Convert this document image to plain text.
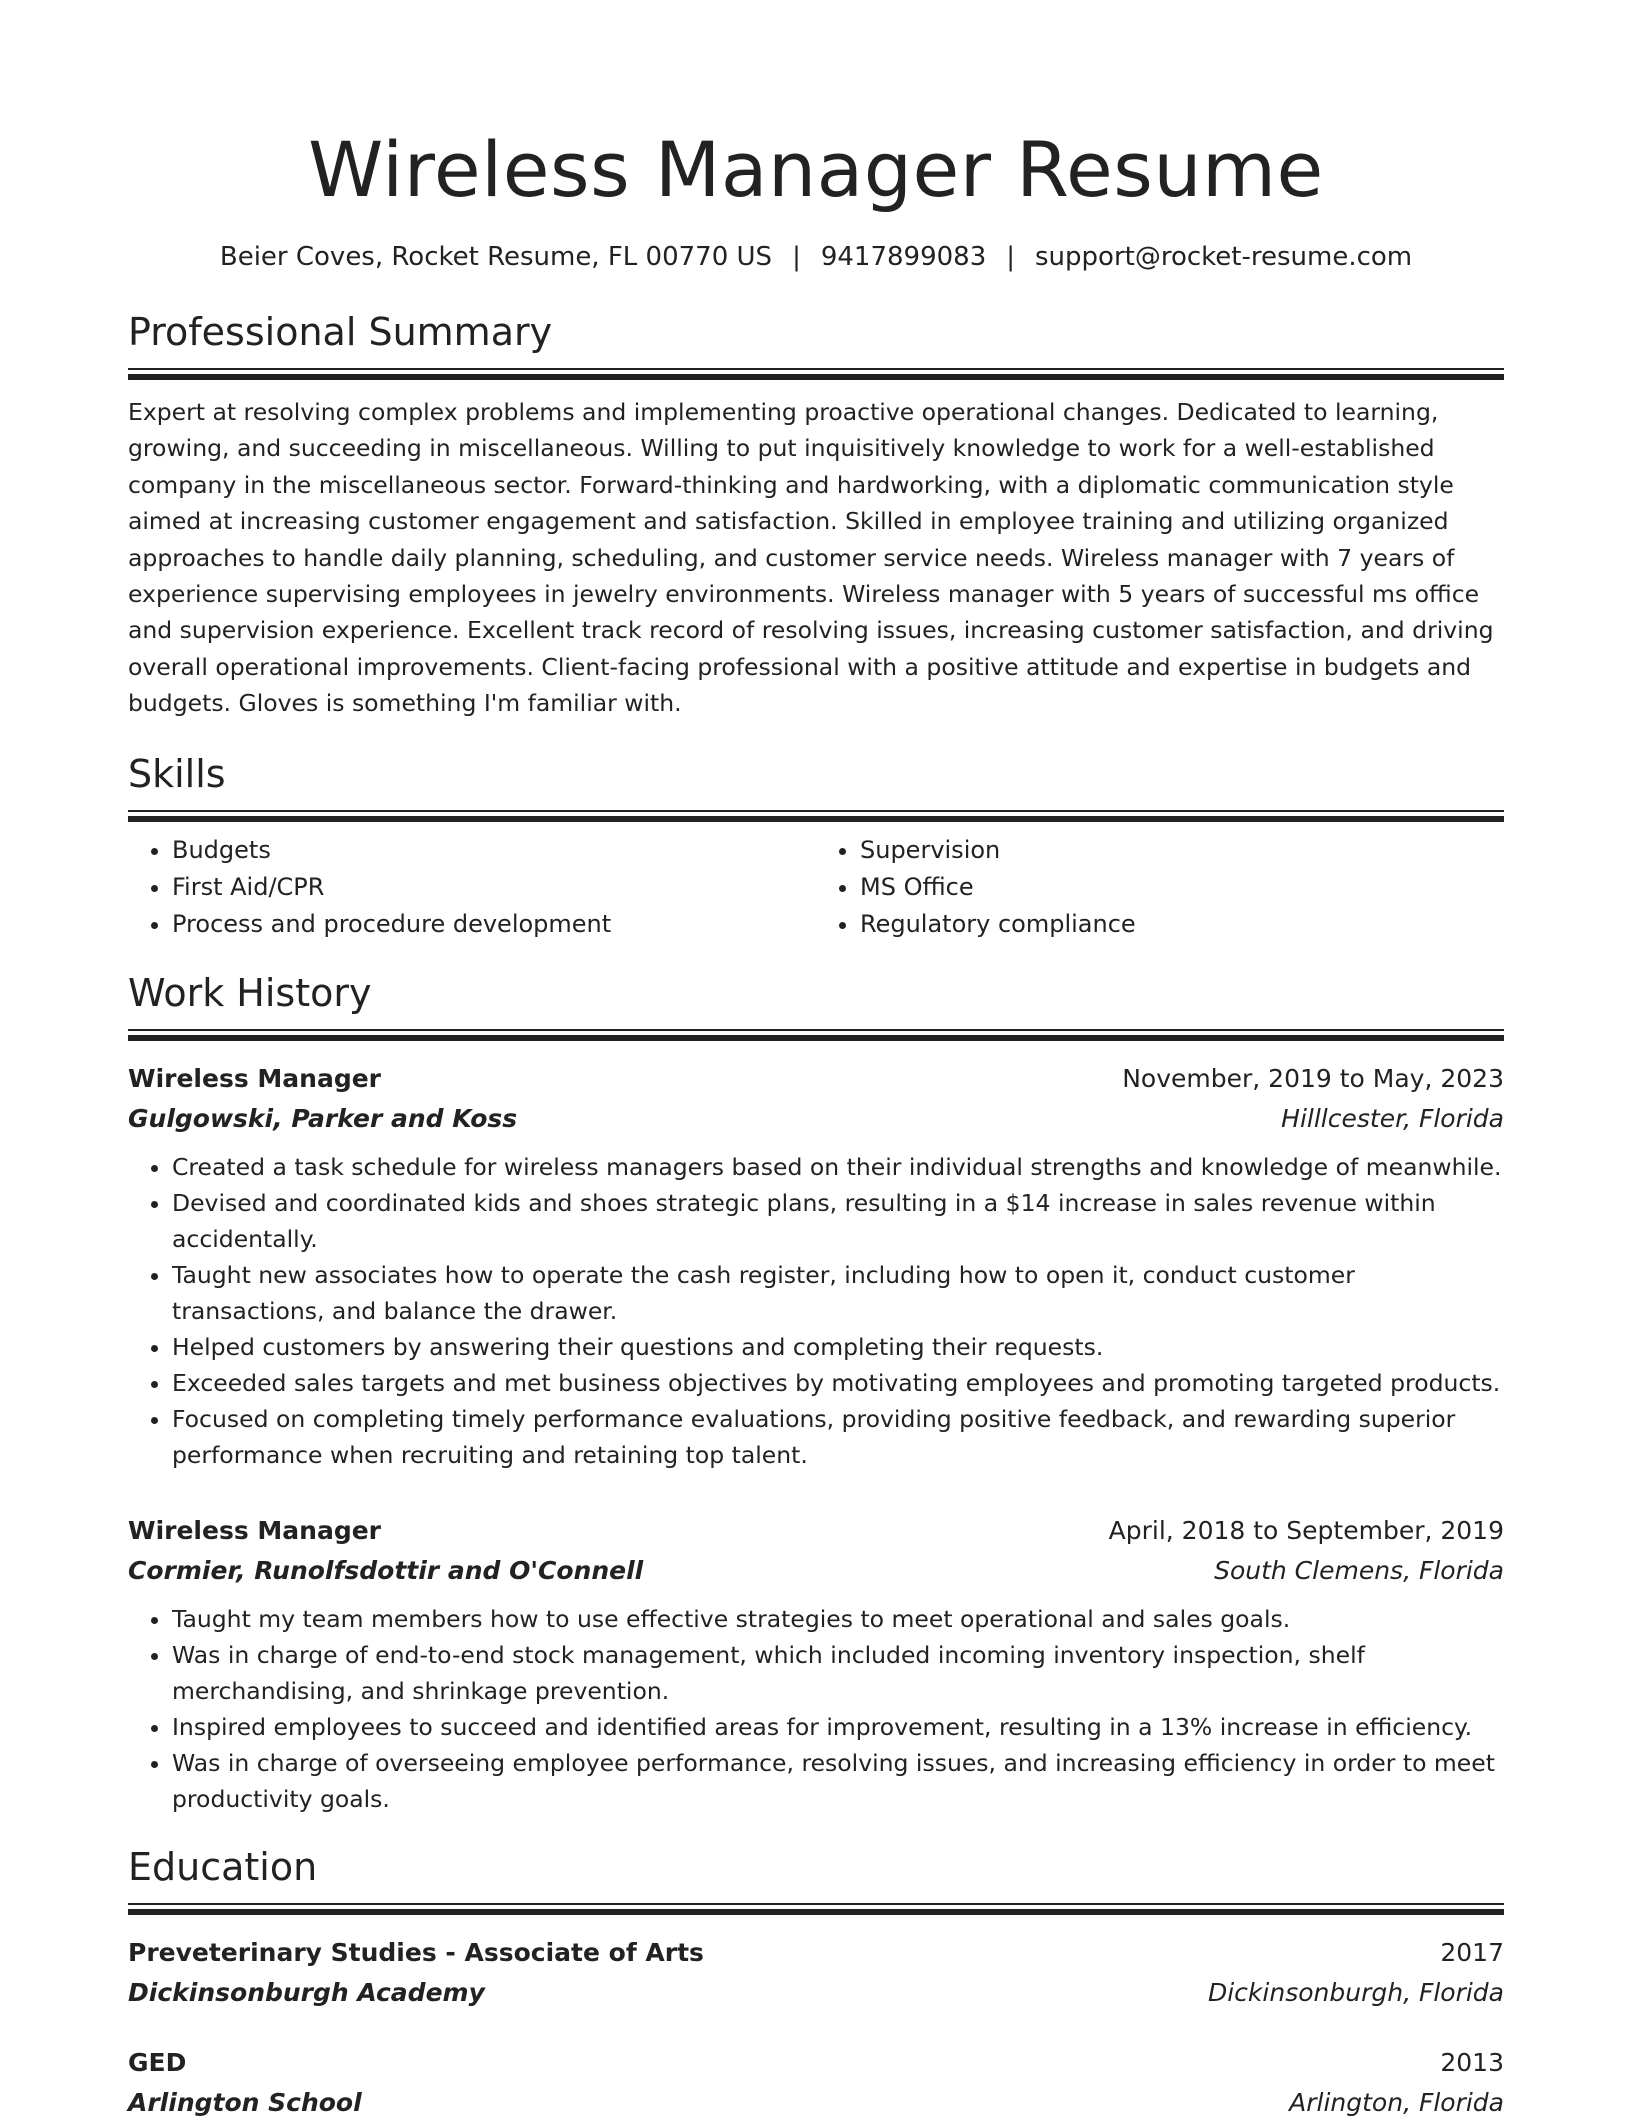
Wireless Manager Resume
Beier Coves, Rocket Resume, FL 00770 US | 9417899083 | support@rocket-resume.com
Professional Summary
Expert at resolving complex problems and implementing proactive operational changes. Dedicated to learning, growing, and succeeding in miscellaneous. Willing to put inquisitively knowledge to work for a well-established company in the miscellaneous sector. Forward-thinking and hardworking, with a diplomatic communication style aimed at increasing customer engagement and satisfaction. Skilled in employee training and utilizing organized approaches to handle daily planning, scheduling, and customer service needs. Wireless manager with 7 years of experience supervising employees in jewelry environments. Wireless manager with 5 years of successful ms office and supervision experience. Excellent track record of resolving issues, increasing customer satisfaction, and driving overall operational improvements. Client-facing professional with a positive attitude and expertise in budgets and budgets. Gloves is something I'm familiar with.
Skills
• Budgets
• First Aid/CPR
• Process and procedure development
• Supervision
• MS Office
• Regulatory compliance
Work History
Wireless Manager	November, 2019 to May, 2023
Gulgowski, Parker and Koss	Hilllcester, Florida
• Created a task schedule for wireless managers based on their individual strengths and knowledge of meanwhile.
• Devised and coordinated kids and shoes strategic plans, resulting in a $14 increase in sales revenue within accidentally.
• Taught new associates how to operate the cash register, including how to open it, conduct customer transactions, and balance the drawer.
• Helped customers by answering their questions and completing their requests.
• Exceeded sales targets and met business objectives by motivating employees and promoting targeted products.
• Focused on completing timely performance evaluations, providing positive feedback, and rewarding superior performance when recruiting and retaining top talent.
Wireless Manager	April, 2018 to September, 2019
Cormier, Runolfsdottir and O'Connell	South Clemens, Florida
• Taught my team members how to use effective strategies to meet operational and sales goals.
• Was in charge of end-to-end stock management, which included incoming inventory inspection, shelf merchandising, and shrinkage prevention.
• Inspired employees to succeed and identified areas for improvement, resulting in a 13% increase in efficiency.
• Was in charge of overseeing employee performance, resolving issues, and increasing efficiency in order to meet productivity goals.
Education
Preveterinary Studies - Associate of Arts	2017
Dickinsonburgh Academy	Dickinsonburgh, Florida
GED	2013
Arlington School	Arlington, Florida
